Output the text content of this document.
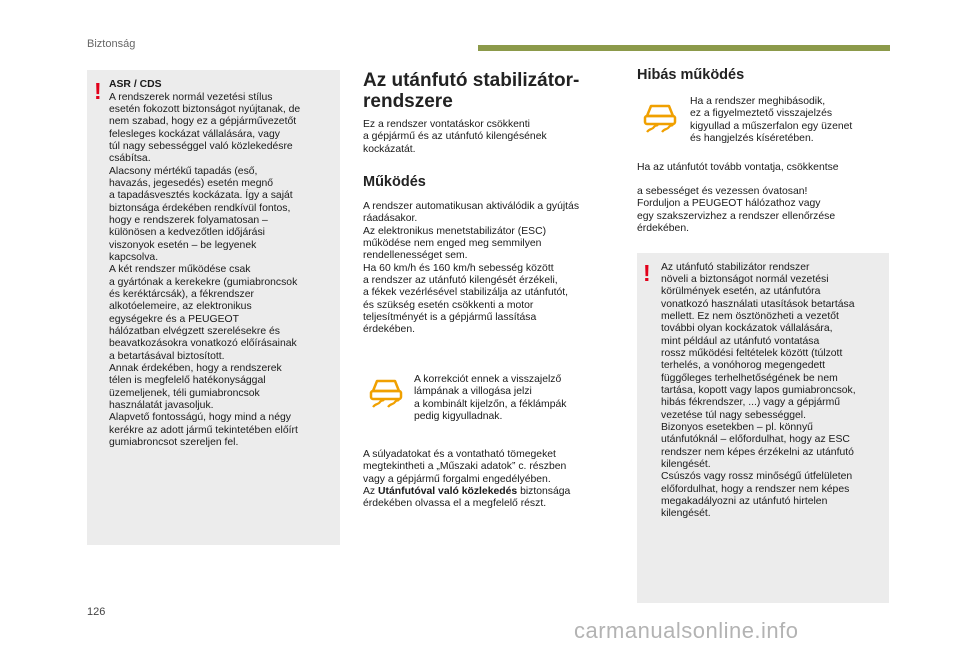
Biztonság
! ASR / CDS

A rendszerek normál vezetési stílus
esetén fokozott biztonságot nyújtanak, de
nem szabad, hogy ez a gépjárművezetőt
felesleges kockázat vállalására, vagy
túl nagy sebességgel való közlekedésre
csábítsa.
Alacsony mértékű tapadás (eső,
havazás, jegesedés) esetén megnő
a tapadásvesztés kockázata. Így a saját
biztonsága érdekében rendkívül fontos,
hogy e rendszerek folyamatosan –
különösen a kedvezőtlen időjárási
viszonyok esetén – be legyenek
kapcsolva.
A két rendszer működése csak
a gyártónak a kerekekre (gumiabroncsok
és keréktárcsák), a fékrendszer
alkotóelemeire, az elektronikus
egységekre és a PEUGEOT
hálózatban elvégzett szerelésekre és
beavatkozásokra vonatkozó előírásainak
a betartásával biztosított.
Annak érdekében, hogy a rendszerek
télen is megfelelő hatékonysággal
üzemeljenek, téli gumiabroncsok
használatát javasoljuk.
Alapvető fontosságú, hogy mind a négy
kerékre az adott jármű tekintetében előírt
gumiabroncsot szereljen fel.

Az utánfutó stabilizátor-
rendszere

Ez a rendszer vontatáskor csökkenti
a gépjármű és az utánfutó kilengésének
kockázatát.

Működés

A rendszer automatikusan aktiválódik a gyújtás
ráadásakor.
Az elektronikus menetstabilizátor (ESC)
működése nem enged meg semmilyen
rendellenességet sem.
Ha 60 km/h és 160 km/h sebesség között
a rendszer az utánfutó kilengését érzékeli,
a fékek vezérlésével stabilizálja az utánfutót,
és szükség esetén csökkenti a motor
teljesítményét is a gépjármű lassítása
érdekében.

A korrekciót ennek a visszajelző
lámpának a villogása jelzi
a kombinált kijelzőn, a féklámpák
pedig kigyulladnak.

A súlyadatokat és a vontatható tömegeket
megtekintheti a „Műszaki adatok” c. részben
vagy a gépjármű forgalmi engedélyében.
Az Utánfutóval való közlekedés biztonsága
érdekében olvassa el a megfelelő részt.

Hibás működés

Ha a rendszer meghibásodik,
ez a figyelmeztető visszajelzés
kigyullad a műszerfalon egy üzenet
és hangjelzés kíséretében.

Ha az utánfutót tovább vontatja, csökkentse

a sebességet és vezessen óvatosan!
Forduljon a PEUGEOT hálózathoz vagy
egy szakszervizhez a rendszer ellenőrzése
érdekében.

! Az utánfutó stabilizátor rendszer
növeli a biztonságot normál vezetési
körülmények esetén, az utánfutóra
vonatkozó használati utasítások betartása
mellett. Ez nem ösztönözheti a vezetőt
további olyan kockázatok vállalására,
mint például az utánfutó vontatása
rossz működési feltételek között (túlzott
terhelés, a vonóhorog megengedett
függőleges terhelhetőségének be nem
tartása, kopott vagy lapos gumiabroncsok,
hibás fékrendszer, ...) vagy a gépjármű
vezetése túl nagy sebességgel.
Bizonyos esetekben – pl. könnyű
utánfutóknál – előfordulhat, hogy az ESC
rendszer nem képes érzékelni az utánfutó
kilengését.
Csúszós vagy rossz minőségű útfelületen
előfordulhat, hogy a rendszer nem képes
megakadályozni az utánfutó hirtelen
kilengését.

126
carmanualsonline.info
